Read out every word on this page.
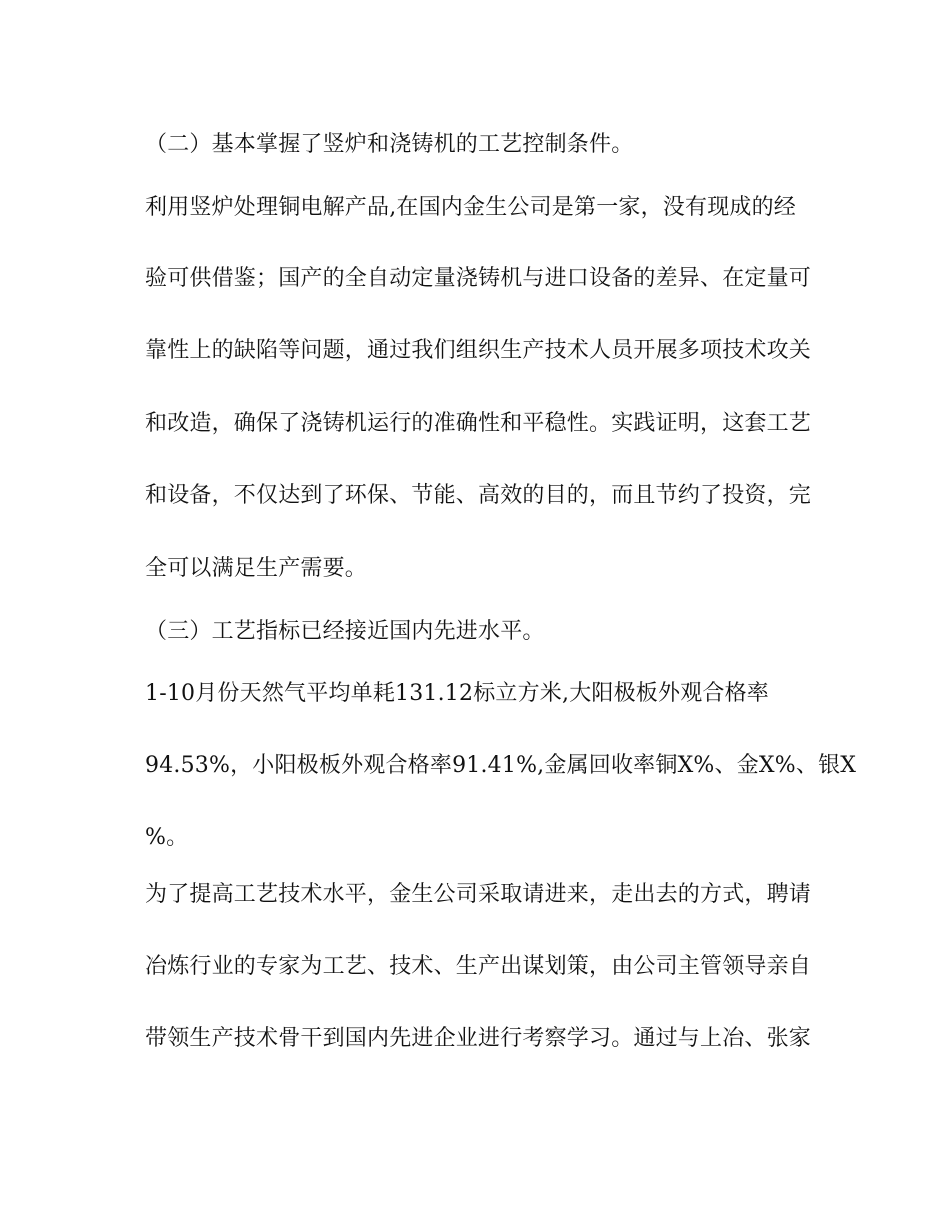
（二）基本掌握了竖炉和浇铸机的工艺控制条件。
利用竖炉处理铜电解产品,在国内金生公司是第一家，没有现成的经
验可供借鉴；国产的全自动定量浇铸机与进口设备的差异、在定量可
靠性上的缺陷等问题，通过我们组织生产技术人员开展多项技术攻关
和改造，确保了浇铸机运行的准确性和平稳性。实践证明，这套工艺
和设备，不仅达到了环保、节能、高效的目的，而且节约了投资，完
全可以满足生产需要。
（三）工艺指标已经接近国内先进水平。
1-10月份天然气平均单耗131.12标立方米,大阳极板外观合格率
94.53%，小阳极板外观合格率91.41%,金属回收率铜X%、金X%、银X
%。
为了提高工艺技术水平，金生公司采取请进来，走出去的方式，聘请
冶炼行业的专家为工艺、技术、生产出谋划策，由公司主管领导亲自
带领生产技术骨干到国内先进企业进行考察学习。通过与上冶、张家
